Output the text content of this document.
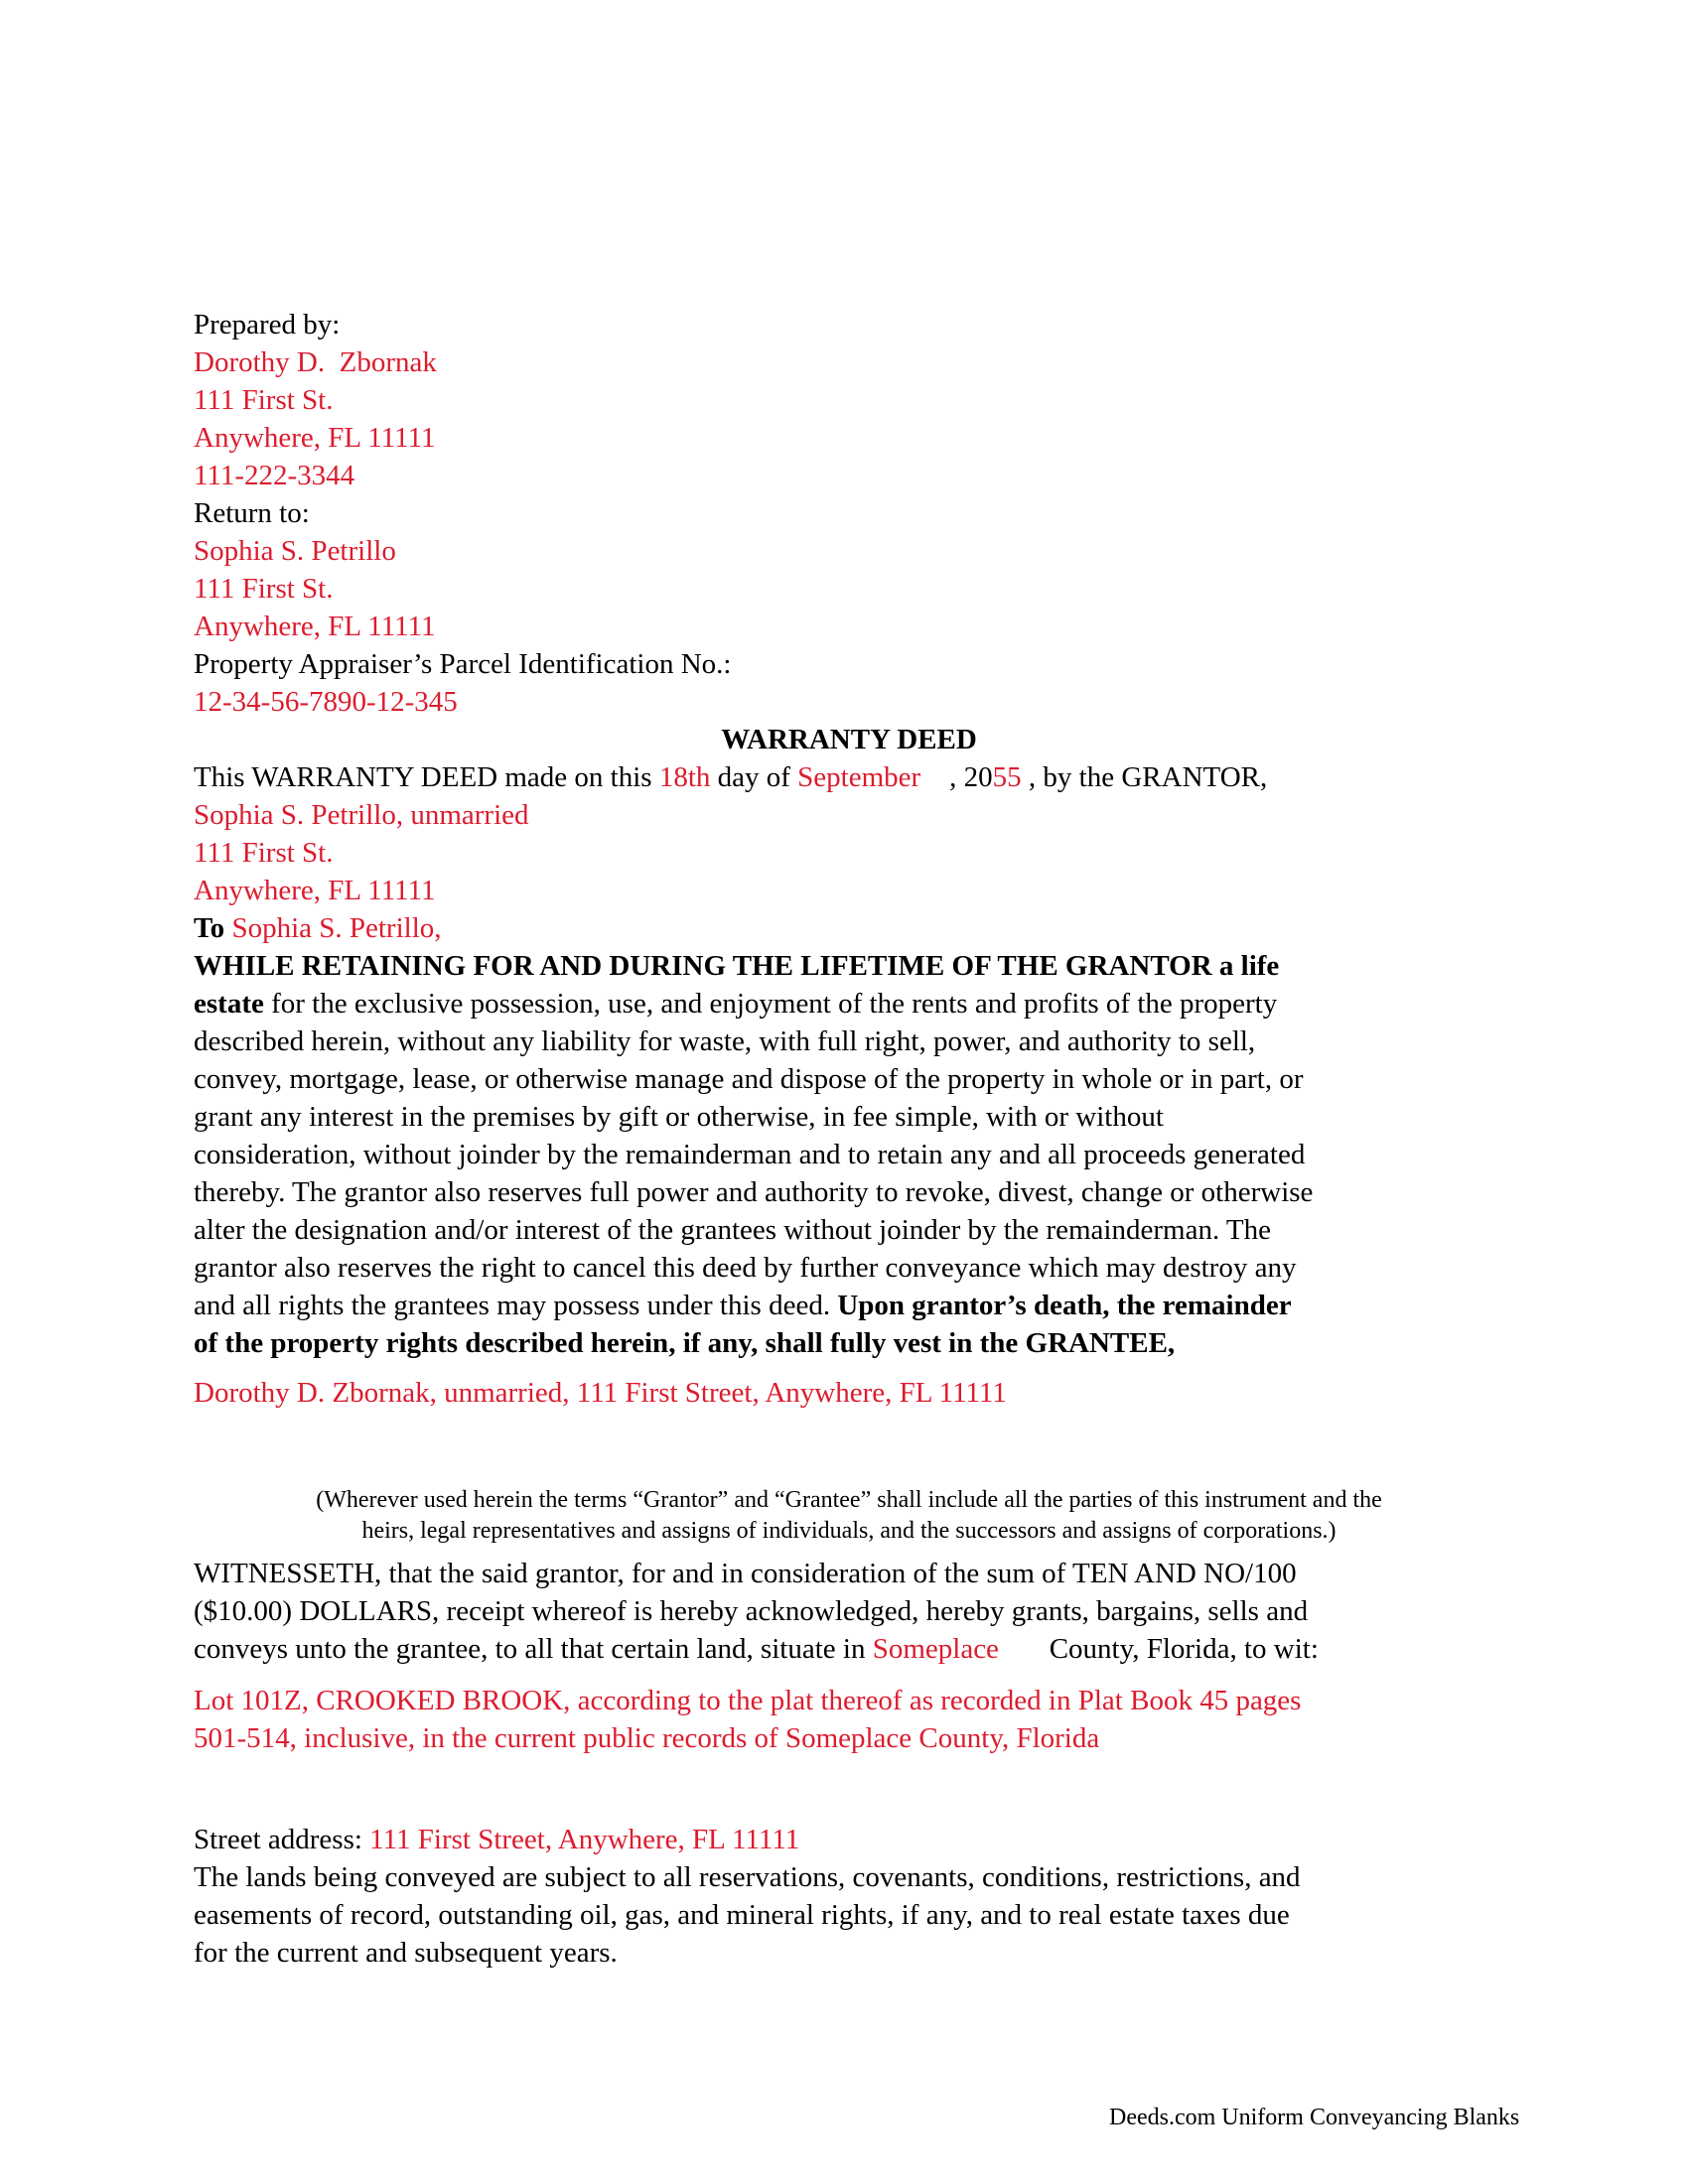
Prepared by:
Dorothy D.  Zbornak
111 First St.
Anywhere, FL 11111
111-222-3344
Return to:
Sophia S. Petrillo
111 First St.
Anywhere, FL 11111
Property Appraiser’s Parcel Identification No.:
12-34-56-7890-12-345
WARRANTY DEED
This WARRANTY DEED made on this 18th day of September    , 2055 , by the GRANTOR,
Sophia S. Petrillo, unmarried
111 First St.
Anywhere, FL 11111
To Sophia S. Petrillo,
WHILE RETAINING FOR AND DURING THE LIFETIME OF THE GRANTOR a life
estate for the exclusive possession, use, and enjoyment of the rents and profits of the property
described herein, without any liability for waste, with full right, power, and authority to sell,
convey, mortgage, lease, or otherwise manage and dispose of the property in whole or in part, or
grant any interest in the premises by gift or otherwise, in fee simple, with or without
consideration, without joinder by the remainderman and to retain any and all proceeds generated
thereby. The grantor also reserves full power and authority to revoke, divest, change or otherwise
alter the designation and/or interest of the grantees without joinder by the remainderman. The
grantor also reserves the right to cancel this deed by further conveyance which may destroy any
and all rights the grantees may possess under this deed. Upon grantor’s death, the remainder
of the property rights described herein, if any, shall fully vest in the GRANTEE,
Dorothy D. Zbornak, unmarried, 111 First Street, Anywhere, FL 11111
(Wherever used herein the terms “Grantor” and “Grantee” shall include all the parties of this instrument and the
heirs, legal representatives and assigns of individuals, and the successors and assigns of corporations.)
WITNESSETH, that the said grantor, for and in consideration of the sum of TEN AND NO/100
($10.00) DOLLARS, receipt whereof is hereby acknowledged, hereby grants, bargains, sells and
conveys unto the grantee, to all that certain land, situate in Someplace       County, Florida, to wit:
Lot 101Z, CROOKED BROOK, according to the plat thereof as recorded in Plat Book 45 pages
501-514, inclusive, in the current public records of Someplace County, Florida
Street address: 111 First Street, Anywhere, FL 11111
The lands being conveyed are subject to all reservations, covenants, conditions, restrictions, and
easements of record, outstanding oil, gas, and mineral rights, if any, and to real estate taxes due
for the current and subsequent years.
Deeds.com Uniform Conveyancing Blanks
